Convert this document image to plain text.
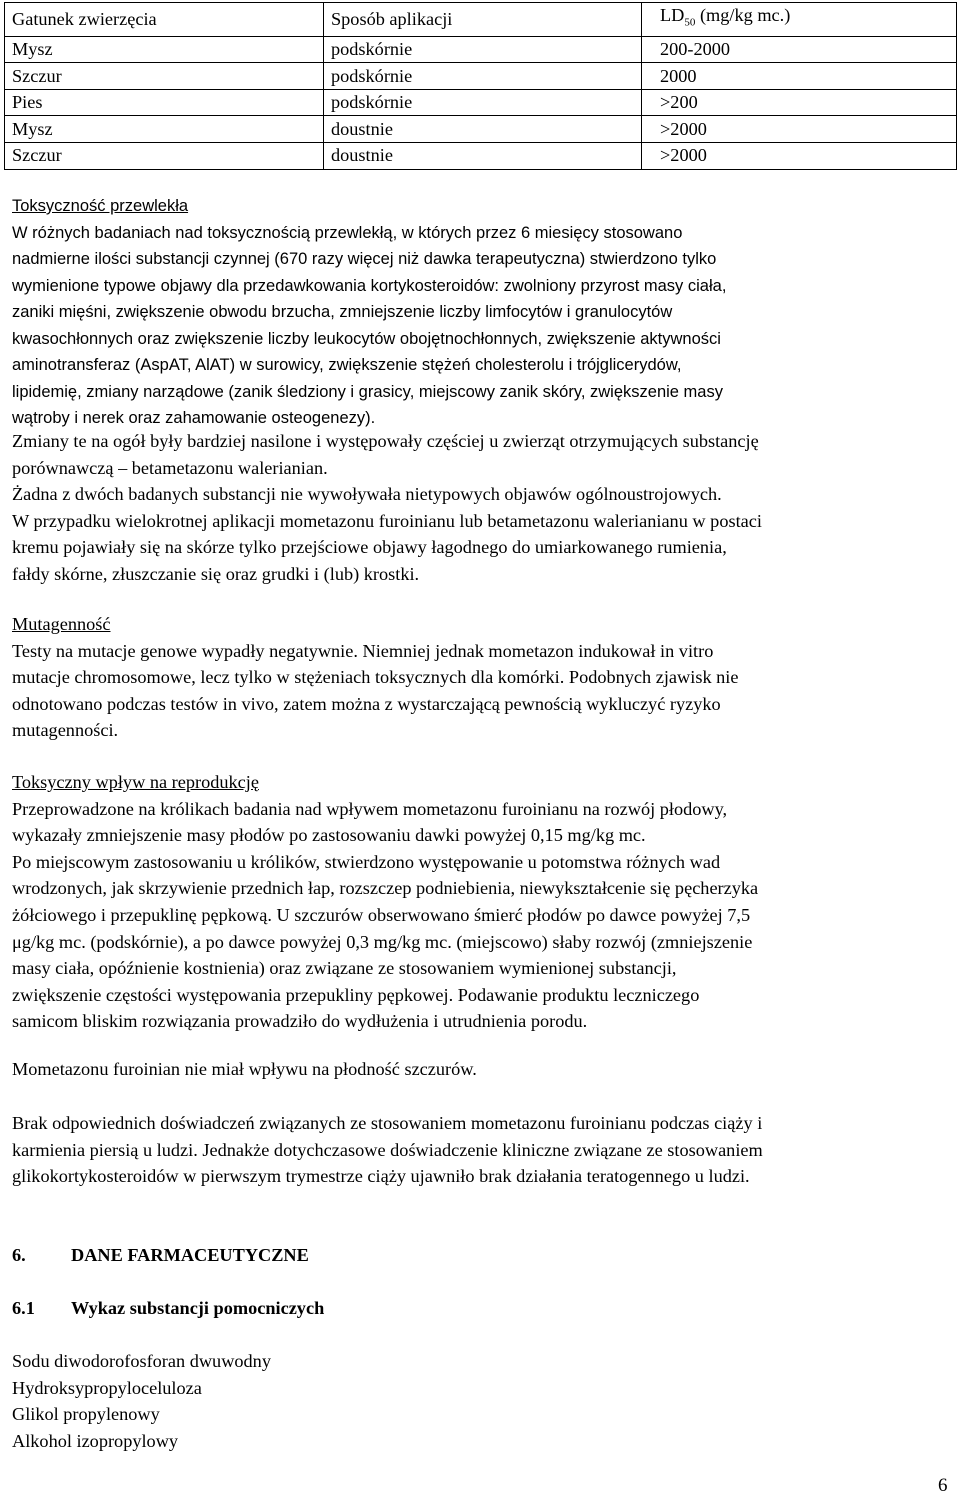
Gatunek zwierzęcia	Sposób aplikacji	$LD_{50}$ (mg/kg mc.)
Mysz	podskórnie	200-2000
Szczur	podskórnie	2000
Pies	podskórnie	>200
Mysz	doustnie	>2000
Szczur	doustnie	>2000

Toksyczność przewlekła

W różnych badaniach nad toksycznością przewlekłą, w których przez 6 miesięcy stosowano

nadmierne ilości substancji czynnej (670 razy więcej niż dawka terapeutyczna) stwierdzono tylko

wymienione typowe objawy dla przedawkowania kortykosteroidów: zwolniony przyrost masy ciała,

zaniki mięśni, zwiększenie obwodu brzucha, zmniejszenie liczby limfocytów i granulocytów

kwasochłonnych oraz zwiększenie liczby leukocytów obojętnochłonnych, zwiększenie aktywności

aminotransferaz (AspAT, AlAT) w surowicy, zwiększenie stężeń cholesterolu i trójglicerydów,

lipidemię, zmiany narządowe (zanik śledziony i grasicy, miejscowy zanik skóry, zwiększenie masy

wątroby i nerek oraz zahamowanie osteogenezy).

Zmiany te na ogół były bardziej nasilone i występowały częściej u zwierząt otrzymujących substancję

porównawczą – betametazonu walerianian.

Żadna z dwóch badanych substancji nie wywoływała nietypowych objawów ogólnoustrojowych.

W przypadku wielokrotnej aplikacji mometazonu furoinianu lub betametazonu walerianianu w postaci

kremu pojawiały się na skórze tylko przejściowe objawy łagodnego do umiarkowanego rumienia,

fałdy skórne, złuszczanie się oraz grudki i (lub) krostki.

Mutagenność

Testy na mutacje genowe wypadły negatywnie. Niemniej jednak mometazon indukował in vitro

mutacje chromosomowe, lecz tylko w stężeniach toksycznych dla komórki. Podobnych zjawisk nie

odnotowano podczas testów in vivo, zatem można z wystarczającą pewnością wykluczyć ryzyko

mutagenności.

Toksyczny wpływ na reprodukcję

Przeprowadzone na królikach badania nad wpływem mometazonu furoinianu na rozwój płodowy,

wykazały zmniejszenie masy płodów po zastosowaniu dawki powyżej 0,15 mg/kg mc.

Po miejscowym zastosowaniu u królików, stwierdzono występowanie u potomstwa różnych wad

wrodzonych, jak skrzywienie przednich łap, rozszczep podniebienia, niewykształcenie się pęcherzyka

żółciowego i przepuklinę pępkową. U szczurów obserwowano śmierć płodów po dawce powyżej 7,5

μg/kg mc. (podskórnie), a po dawce powyżej 0,3 mg/kg mc. (miejscowo) słaby rozwój (zmniejszenie

masy ciała, opóźnienie kostnienia) oraz związane ze stosowaniem wymienionej substancji,

zwiększenie częstości występowania przepukliny pępkowej. Podawanie produktu leczniczego

samicom bliskim rozwiązania prowadziło do wydłużenia i utrudnienia porodu.

Mometazonu furoinian nie miał wpływu na płodność szczurów.

Brak odpowiednich doświadczeń związanych ze stosowaniem mometazonu furoinianu podczas ciąży i

karmienia piersią u ludzi. Jednakże dotychczasowe doświadczenie kliniczne związane ze stosowaniem

glikokortykosteroidów w pierwszym trymestrze ciąży ujawniło brak działania teratogennego u ludzi.

6. DANE FARMACEUTYCZNE
6.1 Wykaz substancji pomocniczych

Sodu diwodorofosforan dwuwodny

Hydroksypropyloceluloza

Glikol propylenowy

Alkohol izopropylowy

6
